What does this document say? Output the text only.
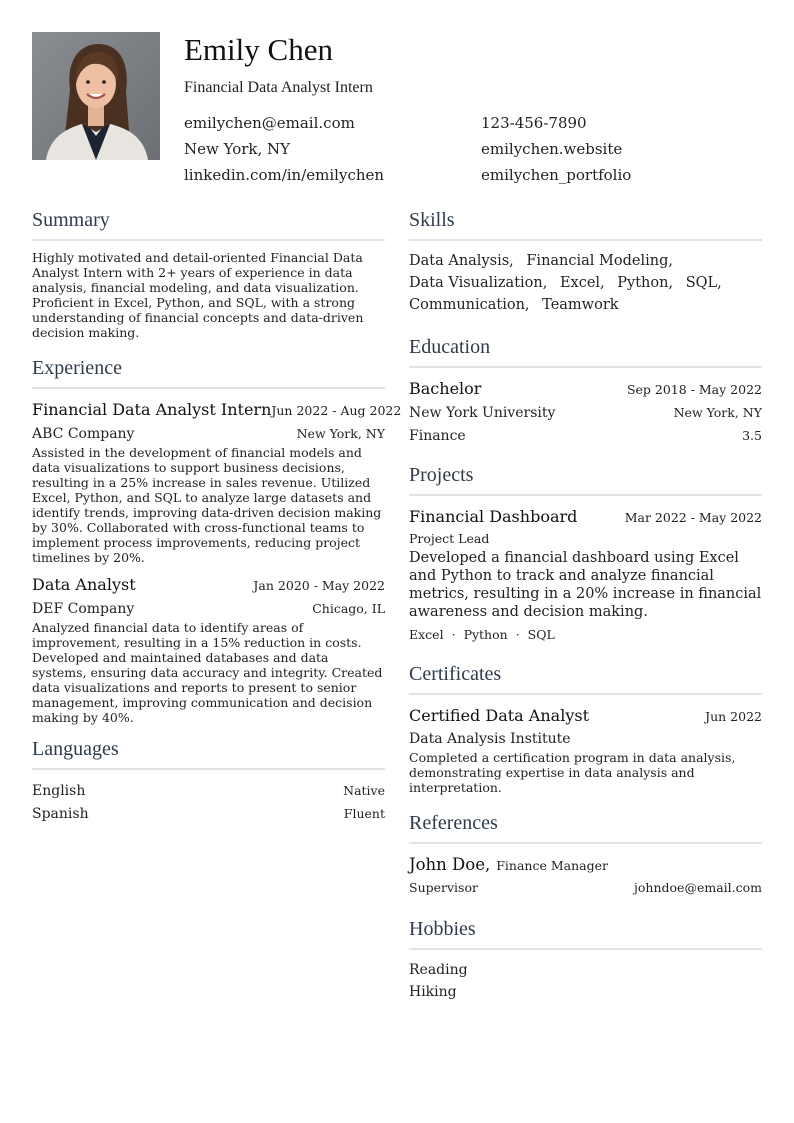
Emily Chen
Financial Data Analyst Intern
emilychen@email.com	123-456-7890
New York, NY	emilychen.website
linkedin.com/in/emilychen	emilychen_portfolio
Summary

Highly motivated and detail-oriented Financial Data Analyst Intern with 2+ years of experience in data analysis, financial modeling, and data visualization. Proficient in Excel, Python, and SQL, with a strong understanding of financial concepts and data-driven decision making.

Experience
Financial Data Analyst Intern Jun 2022 - Aug 2022
ABC Company	New York, NY

Assisted in the development of financial models and data visualizations to support business decisions, resulting in a 25% increase in sales revenue. Utilized Excel, Python, and SQL to analyze large datasets and identify trends, improving data-driven decision making by 30%. Collaborated with cross-functional teams to implement process improvements, reducing project timelines by 20%.

Data Analyst	Jan 2020 - May 2022
DEF Company	Chicago, IL

Analyzed financial data to identify areas of improvement, resulting in a 15% reduction in costs. Developed and maintained databases and data systems, ensuring data accuracy and integrity. Created data visualizations and reports to present to senior management, improving communication and decision making by 40%.

Languages
English	Native
Spanish	Fluent
Skills
Data Analysis, Financial Modeling,
Data Visualization, Excel, Python, SQL,
Communication, Teamwork
Education
Bachelor	Sep 2018 - May 2022
New York University	New York, NY
Finance	3.5
Projects
Financial Dashboard	Mar 2022 - May 2022
Project Lead

Developed a financial dashboard using Excel and Python to track and analyze financial metrics, resulting in a 20% increase in financial awareness and decision making.

Excel · Python · SQL
Certificates
Certified Data Analyst	Jun 2022
Data Analysis Institute

Completed a certification program in data analysis, demonstrating expertise in data analysis and interpretation.

References
John Doe, Finance Manager
Supervisor	johndoe@email.com
Hobbies
Reading
Hiking
